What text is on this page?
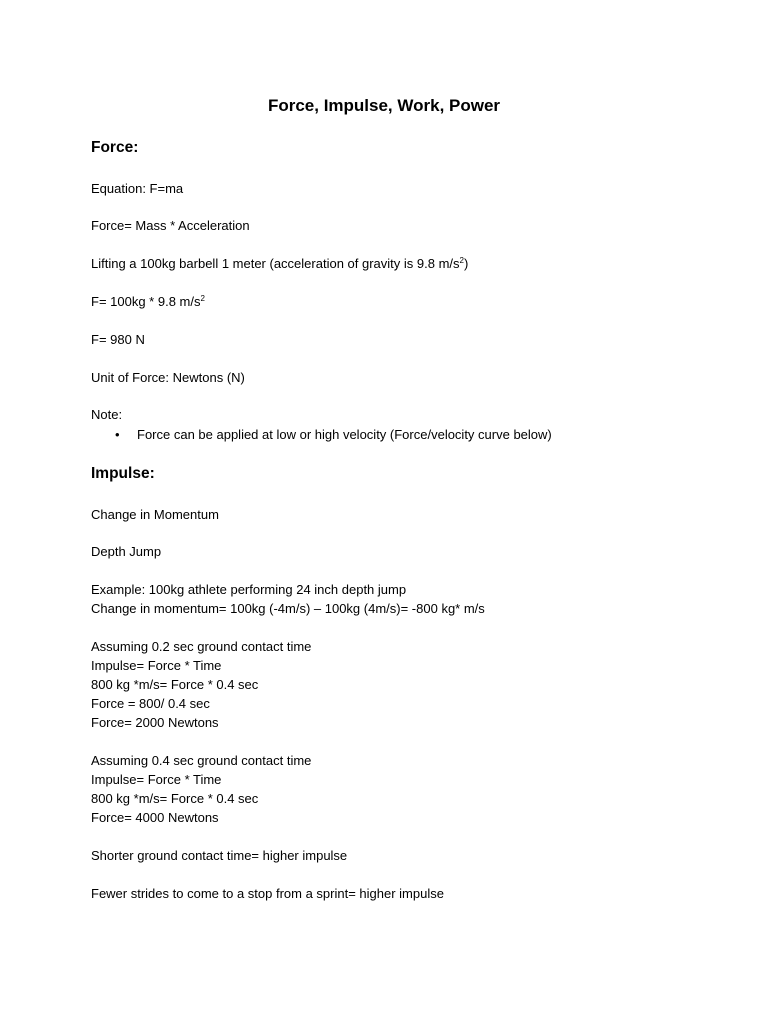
Force, Impulse, Work, Power
Force:

Equation: F=ma

Force= Mass * Acceleration

Lifting a 100kg barbell 1 meter (acceleration of gravity is 9.8 $m/s^2$)

F= 100kg * 9.8 $m/s^2$

F= 980 N

Unit of Force: Newtons (N)

Note:

• Force can be applied at low or high velocity (Force/velocity curve below)

Impulse:

Change in Momentum

Depth Jump

Example: 100kg athlete performing 24 inch depth jump

Change in momentum= 100kg (-4m/s) – 100kg (4m/s)= -800 kg* m/s

Assuming 0.2 sec ground contact time

Impulse= Force * Time

800 kg *m/s= Force * 0.4 sec

Force = 800/ 0.4 sec

Force= 2000 Newtons

Assuming 0.4 sec ground contact time

Impulse= Force * Time

800 kg *m/s= Force * 0.4 sec

Force= 4000 Newtons

Shorter ground contact time= higher impulse

Fewer strides to come to a stop from a sprint= higher impulse
